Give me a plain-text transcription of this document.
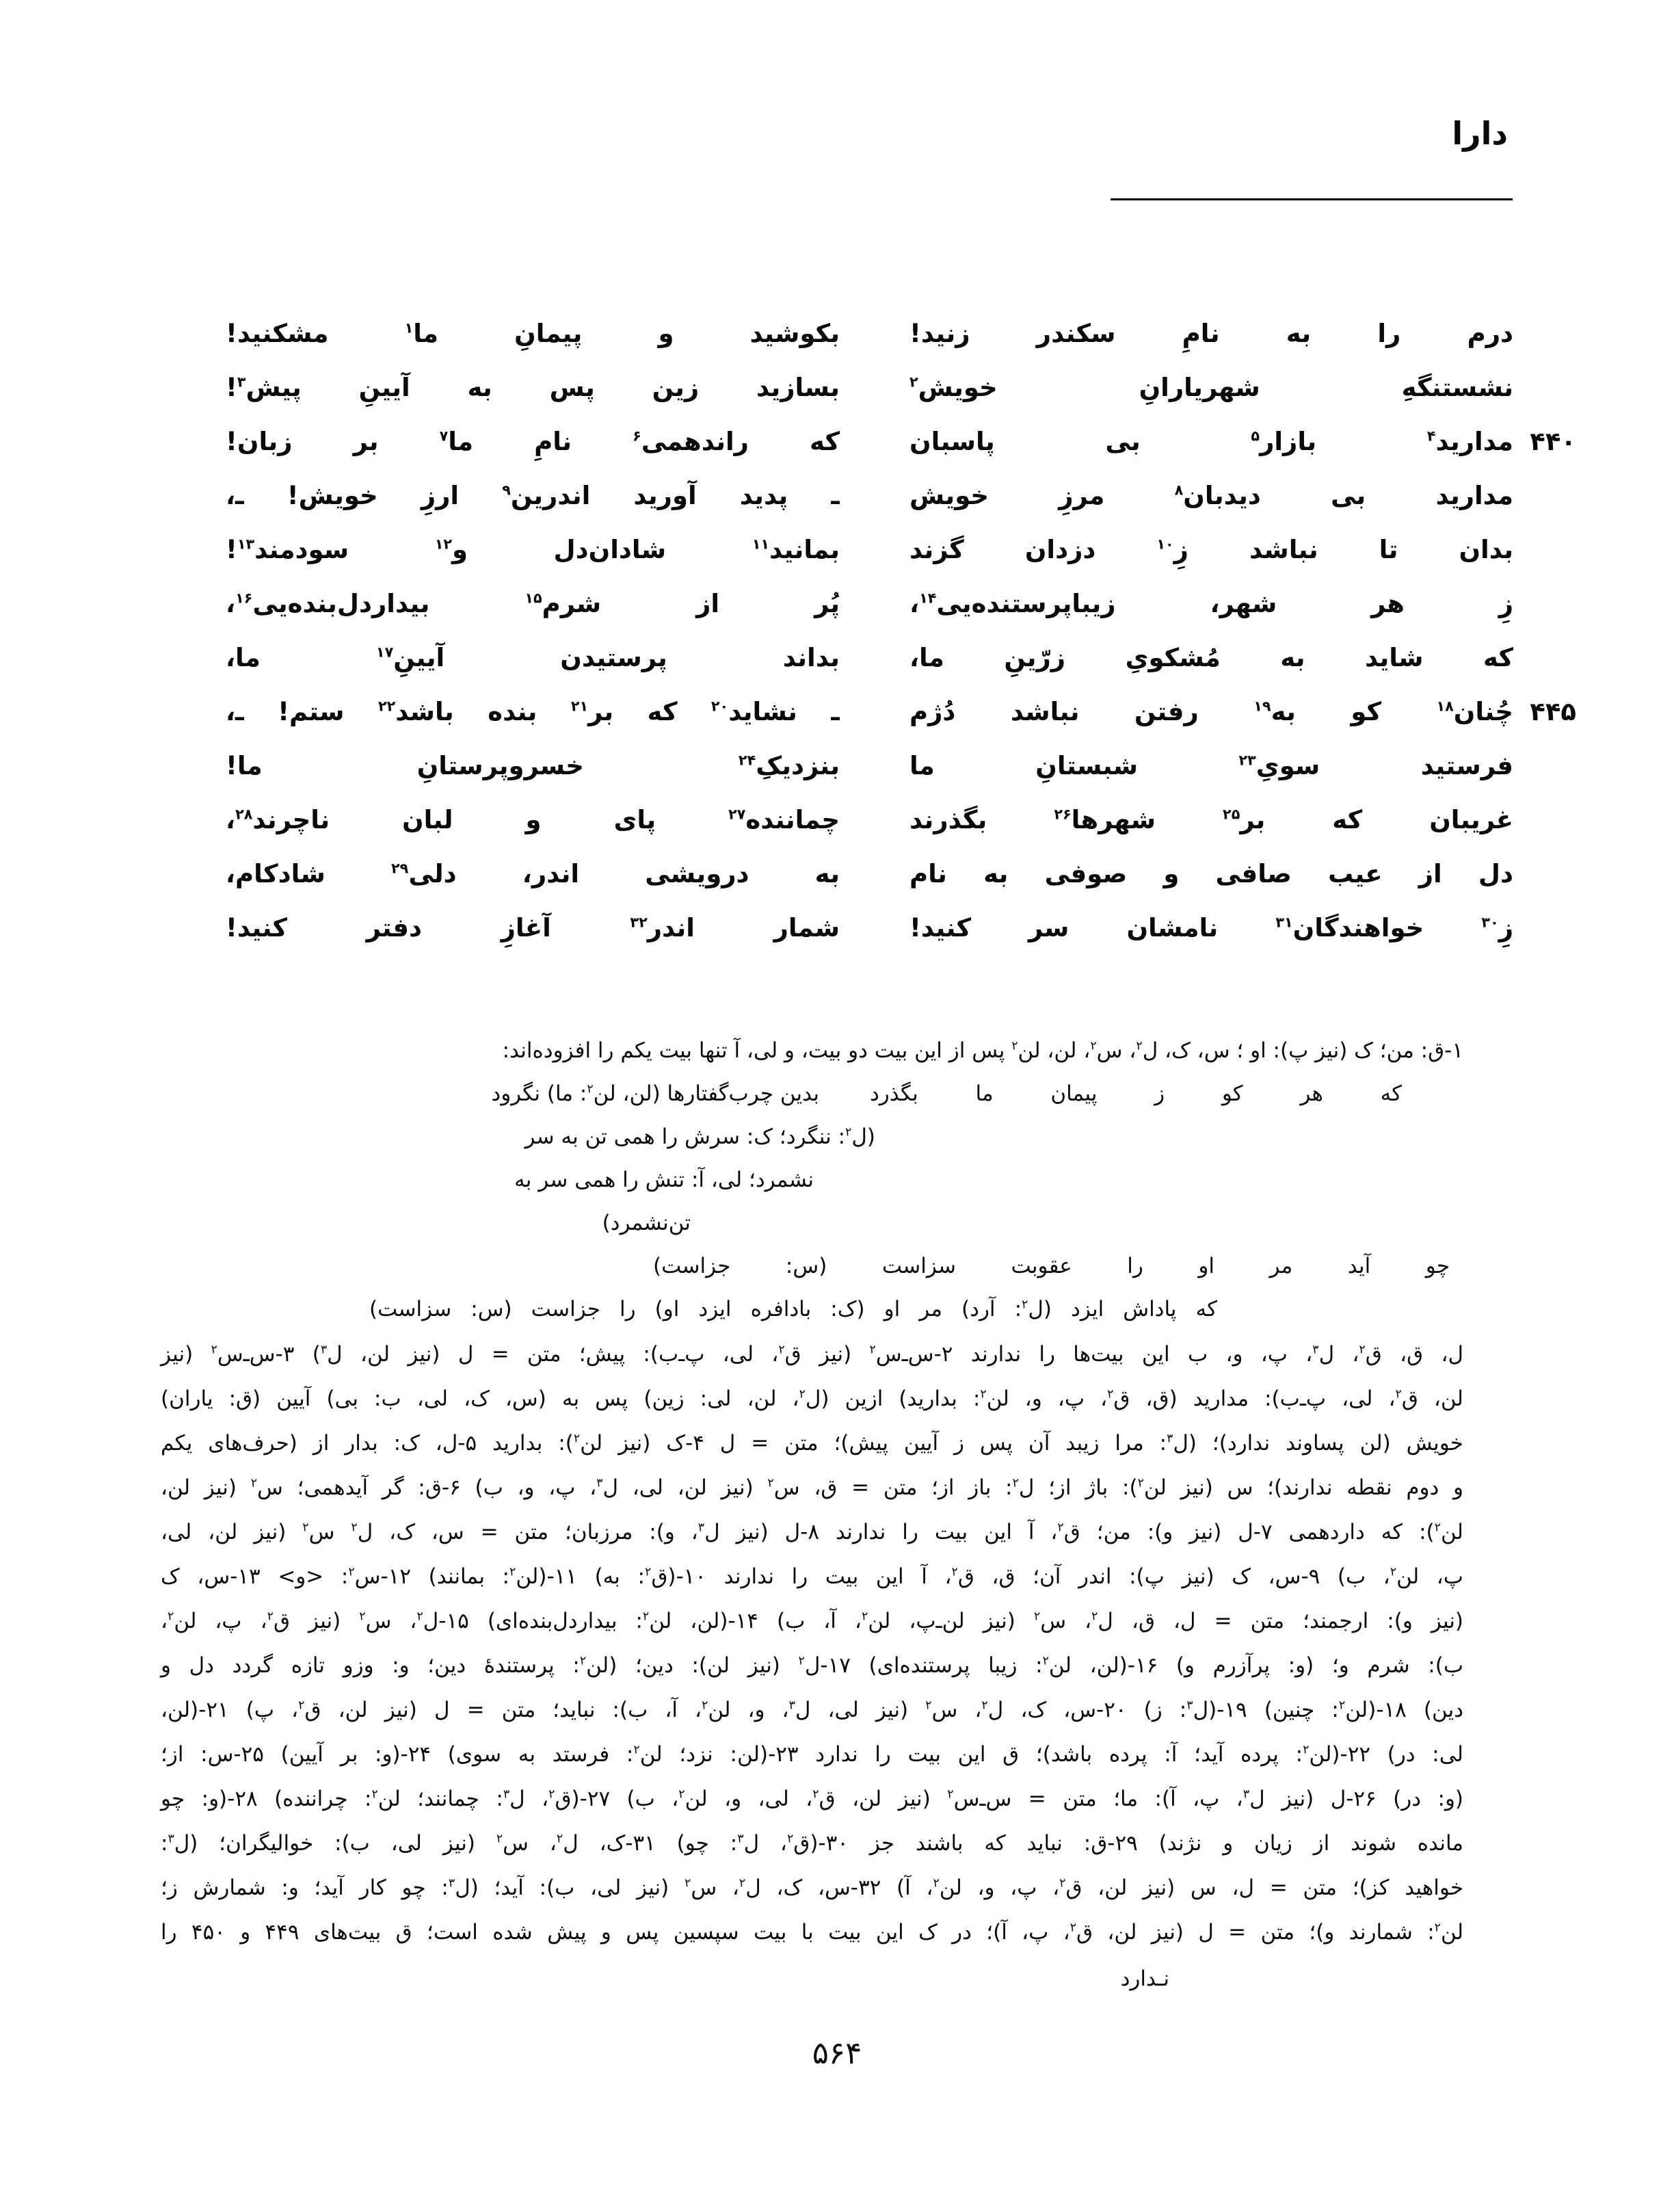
دارا
درم را به نامِ سکندر زنید!
بکوشید و پیمانِ ما$^۱$ مشکنید!
نشستنگهِ شهریارانِ خویش$^۲$
بسازید زین پس به آیینِ پیش$^۳$!
۴۴۰
مدارید$^۴$ بازار$^۵$ بی پاسبان
که راندهمی$^۶$ نامِ ما$^۷$ بر زبان!
مدارید بی دیدبان$^۸$ مرزِ خویش
ـ پدید آورید اندرین$^۹$ ارزِ خویش! ـ،
بدان تا نباشد زِ$^{۱۰}$ دزدان گزند
بمانید$^{۱۱}$ شادان‌دل و$^{۱۲}$ سودمند$^{۱۳}$!
زِ هر شهر، زیباپرستنده‌یی$^{۱۴}$،
پُر از شرم$^{۱۵}$ بیداردل‌بنده‌یی$^{۱۶}$،
که شاید به مُشکویِ زرّینِ ما،
بداند پرستیدن آیینِ$^{۱۷}$ ما،
۴۴۵
چُنان$^{۱۸}$ کو به$^{۱۹}$ رفتن نباشد دُژم
ـ نشاید$^{۲۰}$ که بر$^{۲۱}$ بنده باشد$^{۲۲}$ ستم! ـ،
فرستید سویِ$^{۲۳}$ شبستانِ ما
بنزدیکِ$^{۲۴}$ خسروپرستانِ ما!
غریبان که بر$^{۲۵}$ شهرها$^{۲۶}$ بگذرند
چماننده$^{۲۷}$ پای و لبان ناچرند$^{۲۸}$،
دل از عیب صافی و صوفی به نام
به درویشی اندر، دلی$^{۲۹}$ شادکام،
زِ$^{۳۰}$ خواهندگان$^{۳۱}$ نامشان سر کنید!
شمار اندر$^{۳۲}$ آغازِ دفتر کنید!
۱-ق: من؛ ک (نیز پ): او ؛ س، ک، ل$^۲$، س$^۲$، لن، لن$^۲$ پس از این بیت دو بیت، و لی، آ تنها بیت یکم را افزوده‌اند:
که هر کو ز پیمان ما بگذرد
بدین چرب‌گفتارها (لن، لن$^۲$: ما) نگرود
(ل$^۲$: ننگرد؛ ک: سرش را همی تن به سر
نشمرد؛ لی، آ: تنش را همی سر به
تن‌نشمرد)
چو آید مر او را عقوبت سزاست (س: جزاست)
که پاداش ایزد (ل$^۲$: آرد) مر او (ک: بادافره ایزد او) را جزاست (س: سزاست)
ل، ق، ق$^۲$، ل$^۳$، پ، و، ب این بیت‌ها را ندارند ۲-س‌ـ‌س$^۲$ (نیز ق$^۲$، لی، پ‌ـ‌ب): پیش؛ متن = ل (نیز لن، ل$^۳$) ۳-س‌ـ‌س$^۲$ (نیز
لن، ق$^۲$، لی، پ‌ـ‌ب): مدارید (ق، ق$^۲$، پ، و، لن$^۲$: بدارید) ازین (ل$^۲$، لن، لی: زین) پس به (س، ک، لی، ب: بی) آیین (ق: یاران)
خویش (لن پساوند ندارد)؛ (ل$^۳$: مرا زیبد آن پس ز آیین پیش)؛ متن = ل ۴-ک (نیز لن$^۲$): بدارید ۵-ل، ک: بدار از (حرف‌های یکم
و دوم نقطه ندارند)؛ س (نیز لن$^۲$): باژ از؛ ل$^۲$: باز از؛ متن = ق، س$^۲$ (نیز لن، لی، ل$^۳$، پ، و، ب) ۶-ق: گر آیدهمی؛ س$^۲$ (نیز لن،
لن$^۲$): که داردهمی ۷-ل (نیز و): من؛ ق$^۲$، آ این بیت را ندارند ۸-ل (نیز ل$^۳$، و): مرزبان؛ متن = س، ک، ل$^۲$ س$^۲$ (نیز لن، لی،
پ، لن$^۲$، ب) ۹-س، ک (نیز پ): اندر آن؛ ق، ق$^۲$، آ این بیت را ندارند ۱۰-(ق$^۲$: به) ۱۱-(لن$^۲$: بمانند) ۱۲-س$^۲$: <و> ۱۳-س، ک
(نیز و): ارجمند؛ متن = ل، ق، ل$^۲$، س$^۲$ (نیز لن‌ـ‌پ، لن$^۲$، آ، ب) ۱۴-(لن، لن$^۲$: بیداردل‌بنده‌ای) ۱۵-ل$^۲$، س$^۲$ (نیز ق$^۲$، پ، لن$^۲$،
ب): شرم و؛ (و: پرآزرم و) ۱۶-(لن، لن$^۲$: زیبا پرستنده‌ای) ۱۷-ل$^۲$ (نیز لن): دین؛ (لن$^۲$: پرستندهٔ دین؛ و: وزو تازه گردد دل و
دین) ۱۸-(لن$^۲$: چنین) ۱۹-(ل$^۳$: ز) ۲۰-س، ک، ل$^۲$، س$^۲$ (نیز لی، ل$^۳$، و، لن$^۲$، آ، ب): نباید؛ متن = ل (نیز لن، ق$^۲$، پ) ۲۱-(لن،
لی: در) ۲۲-(لن$^۲$: پرده آید؛ آ: پرده باشد)؛ ق این بیت را ندارد ۲۳-(لن: نزد؛ لن$^۲$: فرستد به سوی) ۲۴-(و: بر آیین) ۲۵-س: از؛
(و: در) ۲۶-ل (نیز ل$^۳$، پ، آ): ما؛ متن = س‌ـ‌س$^۲$ (نیز لن، ق$^۲$، لی، و، لن$^۲$، ب) ۲۷-(ق$^۲$، ل$^۳$: چمانند؛ لن$^۲$: چراننده) ۲۸-(و: چو
مانده شوند از زیان و نژند) ۲۹-ق: نباید که باشند جز ۳۰-(ق$^۲$، ل$^۳$: چو) ۳۱-ک، ل$^۲$، س$^۲$ (نیز لی، ب): خوالیگران؛ (ل$^۳$:
خواهید کز)؛ متن = ل، س (نیز لن، ق$^۲$، پ، و، لن$^۲$، آ) ۳۲-س، ک، ل$^۲$، س$^۲$ (نیز لی، ب): آید؛ (ل$^۳$: چو کار آید؛ و: شمارش ز؛
لن$^۲$: شمارند و)؛ متن = ل (نیز لن، ق$^۲$، پ، آ)؛ در ک این بیت با بیت سپسین پس و پیش شده است؛ ق بیت‌های ۴۴۹ و ۴۵۰ را
نـدارد
۵۶۴
